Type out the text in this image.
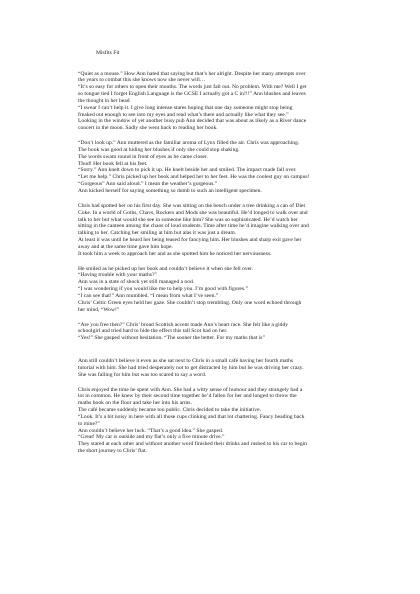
Misfits Fit
“Quiet as a mouse.” How Ann hated that saying but that’s her alright. Despite her many attempts over
the years to combat this she knows now she never will…
“It’s so easy for others to open their mouths. The words just fall out. No problem. With me? Well I get
so tongue tied I forget English Language is the GCSE I actually got a C in!!!” Ann blushes and leaves
the thought in her head
“I swear I can’t help it. I give long intense stares hoping that one day someone might stop being
freaked out enough to see into my eyes and read what’s there and actually like what they see.”
Looking in the window of yet another busy pub Ann decided that was about as likely as a River dance
concert in the moon. Sadly she went back to reading her book.
“Don’t look up.” Ann muttered as the familiar aroma of Lynx filled the air. Chris was approaching.
The book was good at hiding her blushes if only she could stop shaking.
The words swam round in front of eyes as he came closer.
Thud! Her book fell at his feet.
“Sorry.” Ann knelt down to pick it up. He knelt beside her and smiled. The impact made fall over.
“Let me help.” Chris picked up her book and helped her to her feet. He was the coolest guy on campus!
“Gorgeous” Ann said aloud.” I mean the weather’s gorgeous.”
Ann kicked herself for saying something so dumb to such an intelligent specimen.
Chris had spotted her on his first day. She was sitting on the bench under a tree drinking a can of Diet
Coke. In a world of Goths, Chavs, Rockers and Mods she was beautiful. He’d longed to walk over and
talk to her but what would she see in someone like him? She was so sophisticated. He’d watch her
sitting in the canteen among the chaos of loud students. Time after time he’d imagine walking over and
talking to her. Catching her smiling at him but alas it was just a dream.
At least it was until he heard her being teased for fancying him. Her blushes and sharp exit gave her
away and at the same time gave him hope.
It took him a week to approach her and as she spotted him he noticed her nervousness.
He smiled as he picked up her book and couldn’t believe it when she fell over.
“Having trouble with your maths?”
Ann was in a state of shock yet still managed a nod.
“I was wondering if you would like me to help you. I’m good with figures.”
“I can see that!” Ann mumbled. “I mean from what I’ve seen.”
Chris’ Celtic Green eyes held her gaze. She couldn’t stop trembling. Only one word echoed through
her mind, “Wow!”
“Are you free then?” Chris’ broad Scottish accent made Ann’s heart race. She felt like a giddy
schoolgirl and tried hard to hide the effect this tall Scot had on her.
“Yes!” She gasped without hesitation. “The sooner the better. For my maths that is”
Ann still couldn’t believe it even as she sat next to Chris in a small café having her fourth maths
tutorial with him. She had tried desperately not to get distracted by him but he was driving her crazy.
She was falling for him but was too scared to say a word.
Chris enjoyed the time he spent with Ann. She had a witty sense of humour and they strangely had a
lot in common. He knew by their second time together he’d fallen for her and longed to throw the
maths book on the floor and take her into his arms.
The café became suddenly became too public. Chris decided to take the initiative.
“Look. It’s a bit noisy in here with all those cups clinking and that lot chattering. Fancy heading back
to mine?”
Ann couldn’t believe her luck. “That’s a good idea.” She gasped.
“Great! My car is outside and my flat’s only a five minute drive.”
They stared at each other and without another word finished their drinks and rushed to his car to begin
the short journey to Chris’ flat.
